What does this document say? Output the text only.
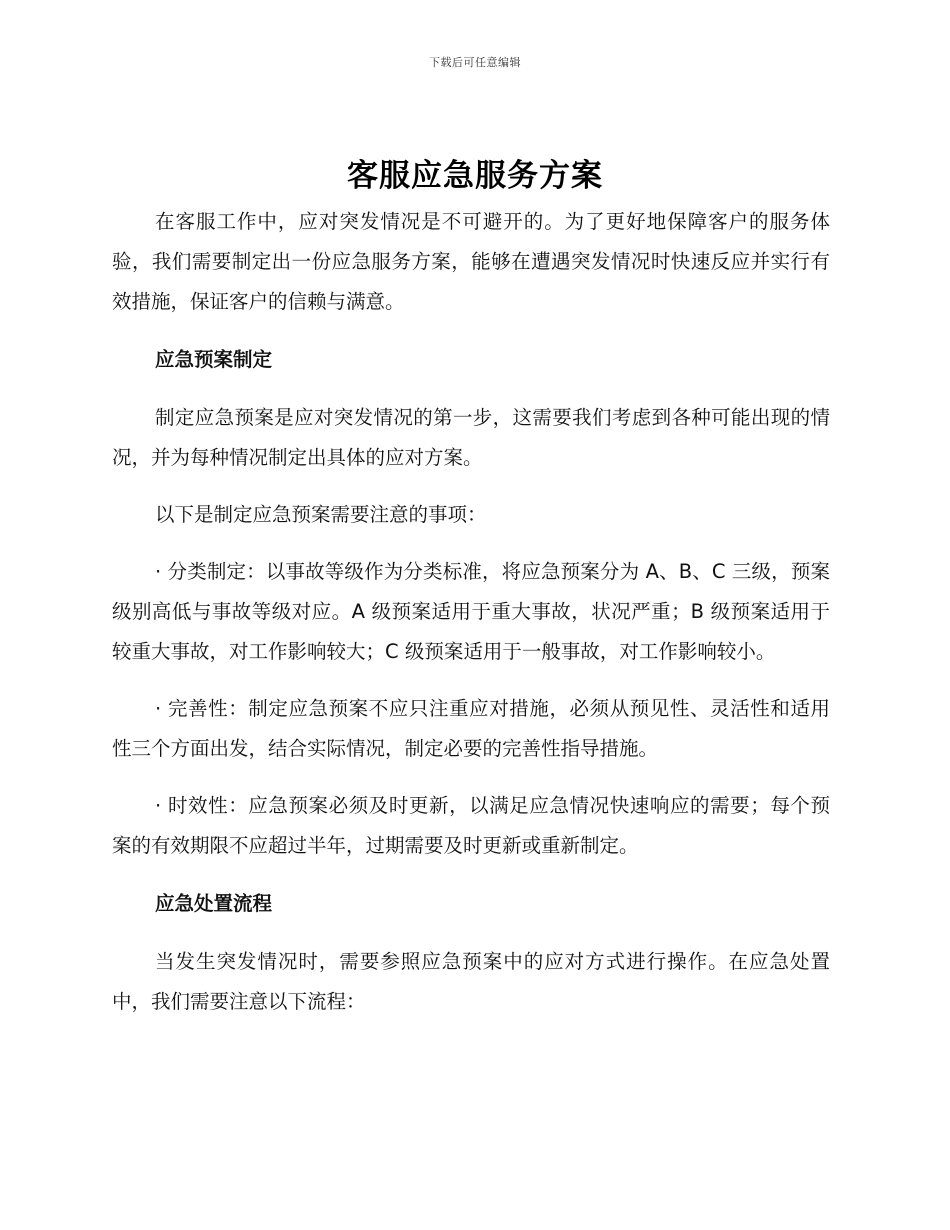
下载后可任意编辑
客服应急服务方案

在客服工作中，应对突发情况是不可避开的。为了更好地保障客户的服务体验，我们需要制定出一份应急服务方案，能够在遭遇突发情况时快速反应并实行有效措施，保证客户的信赖与满意。

应急预案制定

制定应急预案是应对突发情况的第一步，这需要我们考虑到各种可能出现的情况，并为每种情况制定出具体的应对方案。

以下是制定应急预案需要注意的事项：

· 分类制定：以事故等级作为分类标准，将应急预案分为 A、B、C 三级，预案级别高低与事故等级对应。A 级预案适用于重大事故，状况严重；B 级预案适用于较重大事故，对工作影响较大；C 级预案适用于一般事故，对工作影响较小。

· 完善性：制定应急预案不应只注重应对措施，必须从预见性、灵活性和适用性三个方面出发，结合实际情况，制定必要的完善性指导措施。

· 时效性：应急预案必须及时更新，以满足应急情况快速响应的需要；每个预案的有效期限不应超过半年，过期需要及时更新或重新制定。

应急处置流程

当发生突发情况时，需要参照应急预案中的应对方式进行操作。在应急处置中，我们需要注意以下流程：
